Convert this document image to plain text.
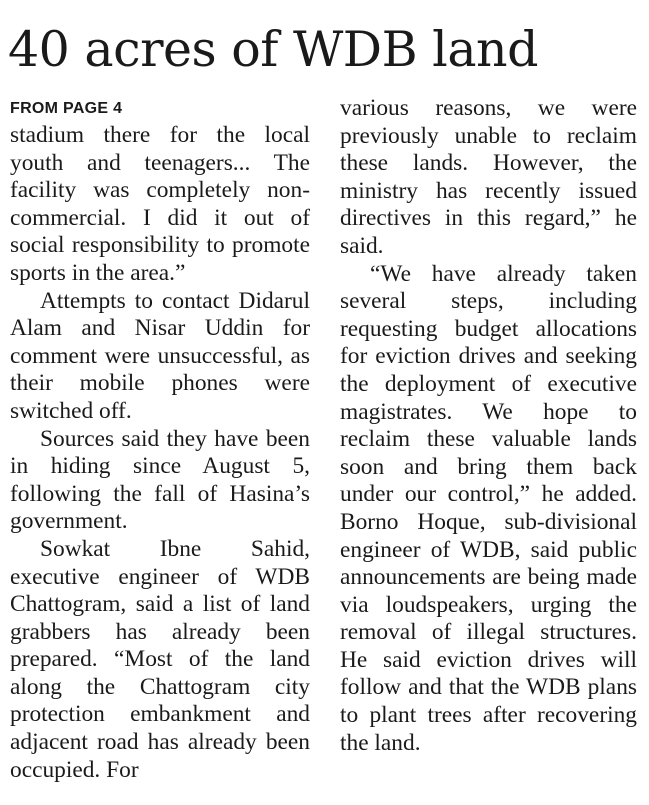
40 acres of WDB land
FROM PAGE 4

stadium there for the local youth and teenagers... The facility was completely non-commercial. I did it out of social responsibility to promote sports in the area.”

Attempts to contact Didarul Alam and Nisar Uddin for comment were unsuccessful, as their mobile phones were switched off.

Sources said they have been in hiding since August 5, following the fall of Hasina’s government.

Sowkat Ibne Sahid, executive engineer of WDB Chattogram, said a list of land grabbers has already been prepared. “Most of the land along the Chattogram city protection embankment and adjacent road has already been occupied. For

various reasons, we were previously unable to reclaim these lands. However, the ministry has recently issued directives in this regard,” he said.

“We have already taken several steps, including requesting budget allocations for eviction drives and seeking the deployment of executive magistrates. We hope to reclaim these valuable lands soon and bring them back under our control,” he added. Borno Hoque, sub-divisional engineer of WDB, said public announcements are being made via loudspeakers, urging the removal of illegal structures. He said eviction drives will follow and that the WDB plans to plant trees after recovering the land.
